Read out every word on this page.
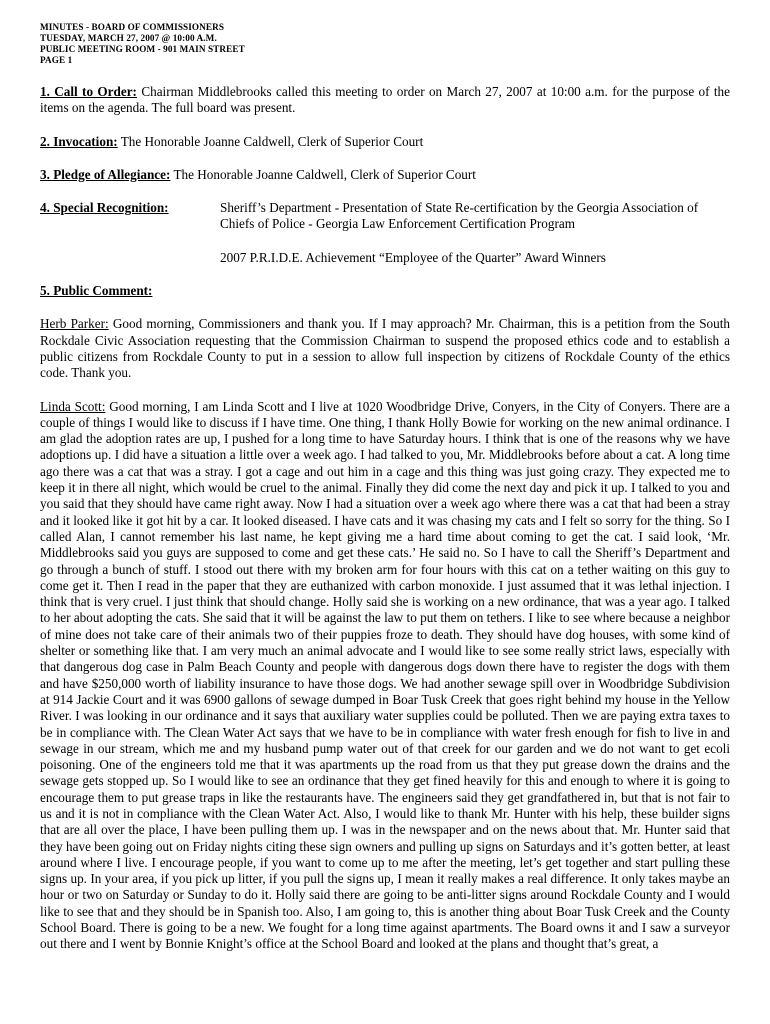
MINUTES - BOARD OF COMMISSIONERS
TUESDAY, MARCH 27, 2007 @ 10:00 A.M.
PUBLIC MEETING ROOM - 901 MAIN STREET
PAGE 1

1. Call to Order: Chairman Middlebrooks called this meeting to order on March 27, 2007 at 10:00 a.m. for the purpose of the items on the agenda. The full board was present.

2. Invocation: The Honorable Joanne Caldwell, Clerk of Superior Court

3. Pledge of Allegiance: The Honorable Joanne Caldwell, Clerk of Superior Court

4. Special Recognition:	Sheriff’s Department - Presentation of State Re-certification by the Georgia Association of Chiefs of Police - Georgia Law Enforcement Certification Program

2007 P.R.I.D.E. Achievement “Employee of the Quarter” Award Winners

5. Public Comment:

Herb Parker: Good morning, Commissioners and thank you. If I may approach? Mr. Chairman, this is a petition from the South Rockdale Civic Association requesting that the Commission Chairman to suspend the proposed ethics code and to establish a public citizens from Rockdale County to put in a session to allow full inspection by citizens of Rockdale County of the ethics code. Thank you.

Linda Scott: Good morning, I am Linda Scott and I live at 1020 Woodbridge Drive, Conyers, in the City of Conyers. There are a couple of things I would like to discuss if I have time. One thing, I thank Holly Bowie for working on the new animal ordinance. I am glad the adoption rates are up, I pushed for a long time to have Saturday hours. I think that is one of the reasons why we have adoptions up. I did have a situation a little over a week ago. I had talked to you, Mr. Middlebrooks before about a cat. A long time ago there was a cat that was a stray. I got a cage and out him in a cage and this thing was just going crazy. They expected me to keep it in there all night, which would be cruel to the animal. Finally they did come the next day and pick it up. I talked to you and you said that they should have came right away. Now I had a situation over a week ago where there was a cat that had been a stray and it looked like it got hit by a car. It looked diseased. I have cats and it was chasing my cats and I felt so sorry for the thing. So I called Alan, I cannot remember his last name, he kept giving me a hard time about coming to get the cat. I said look, ‘Mr. Middlebrooks said you guys are supposed to come and get these cats.’ He said no. So I have to call the Sheriff’s Department and go through a bunch of stuff. I stood out there with my broken arm for four hours with this cat on a tether waiting on this guy to come get it. Then I read in the paper that they are euthanized with carbon monoxide. I just assumed that it was lethal injection. I think that is very cruel. I just think that should change. Holly said she is working on a new ordinance, that was a year ago. I talked to her about adopting the cats. She said that it will be against the law to put them on tethers. I like to see where because a neighbor of mine does not take care of their animals two of their puppies froze to death. They should have dog houses, with some kind of shelter or something like that. I am very much an animal advocate and I would like to see some really strict laws, especially with that dangerous dog case in Palm Beach County and people with dangerous dogs down there have to register the dogs with them and have $250,000 worth of liability insurance to have those dogs. We had another sewage spill over in Woodbridge Subdivision at 914 Jackie Court and it was 6900 gallons of sewage dumped in Boar Tusk Creek that goes right behind my house in the Yellow River. I was looking in our ordinance and it says that auxiliary water supplies could be polluted. Then we are paying extra taxes to be in compliance with. The Clean Water Act says that we have to be in compliance with water fresh enough for fish to live in and sewage in our stream, which me and my husband pump water out of that creek for our garden and we do not want to get ecoli poisoning. One of the engineers told me that it was apartments up the road from us that they put grease down the drains and the sewage gets stopped up. So I would like to see an ordinance that they get fined heavily for this and enough to where it is going to encourage them to put grease traps in like the restaurants have. The engineers said they get grandfathered in, but that is not fair to us and it is not in compliance with the Clean Water Act. Also, I would like to thank Mr. Hunter with his help, these builder signs that are all over the place, I have been pulling them up. I was in the newspaper and on the news about that. Mr. Hunter said that they have been going out on Friday nights citing these sign owners and pulling up signs on Saturdays and it’s gotten better, at least around where I live. I encourage people, if you want to come up to me after the meeting, let’s get together and start pulling these signs up. In your area, if you pick up litter, if you pull the signs up, I mean it really makes a real difference. It only takes maybe an hour or two on Saturday or Sunday to do it. Holly said there are going to be anti-litter signs around Rockdale County and I would like to see that and they should be in Spanish too. Also, I am going to, this is another thing about Boar Tusk Creek and the County School Board. There is going to be a new. We fought for a long time against apartments. The Board owns it and I saw a surveyor out there and I went by Bonnie Knight’s office at the School Board and looked at the plans and thought that’s great, a
